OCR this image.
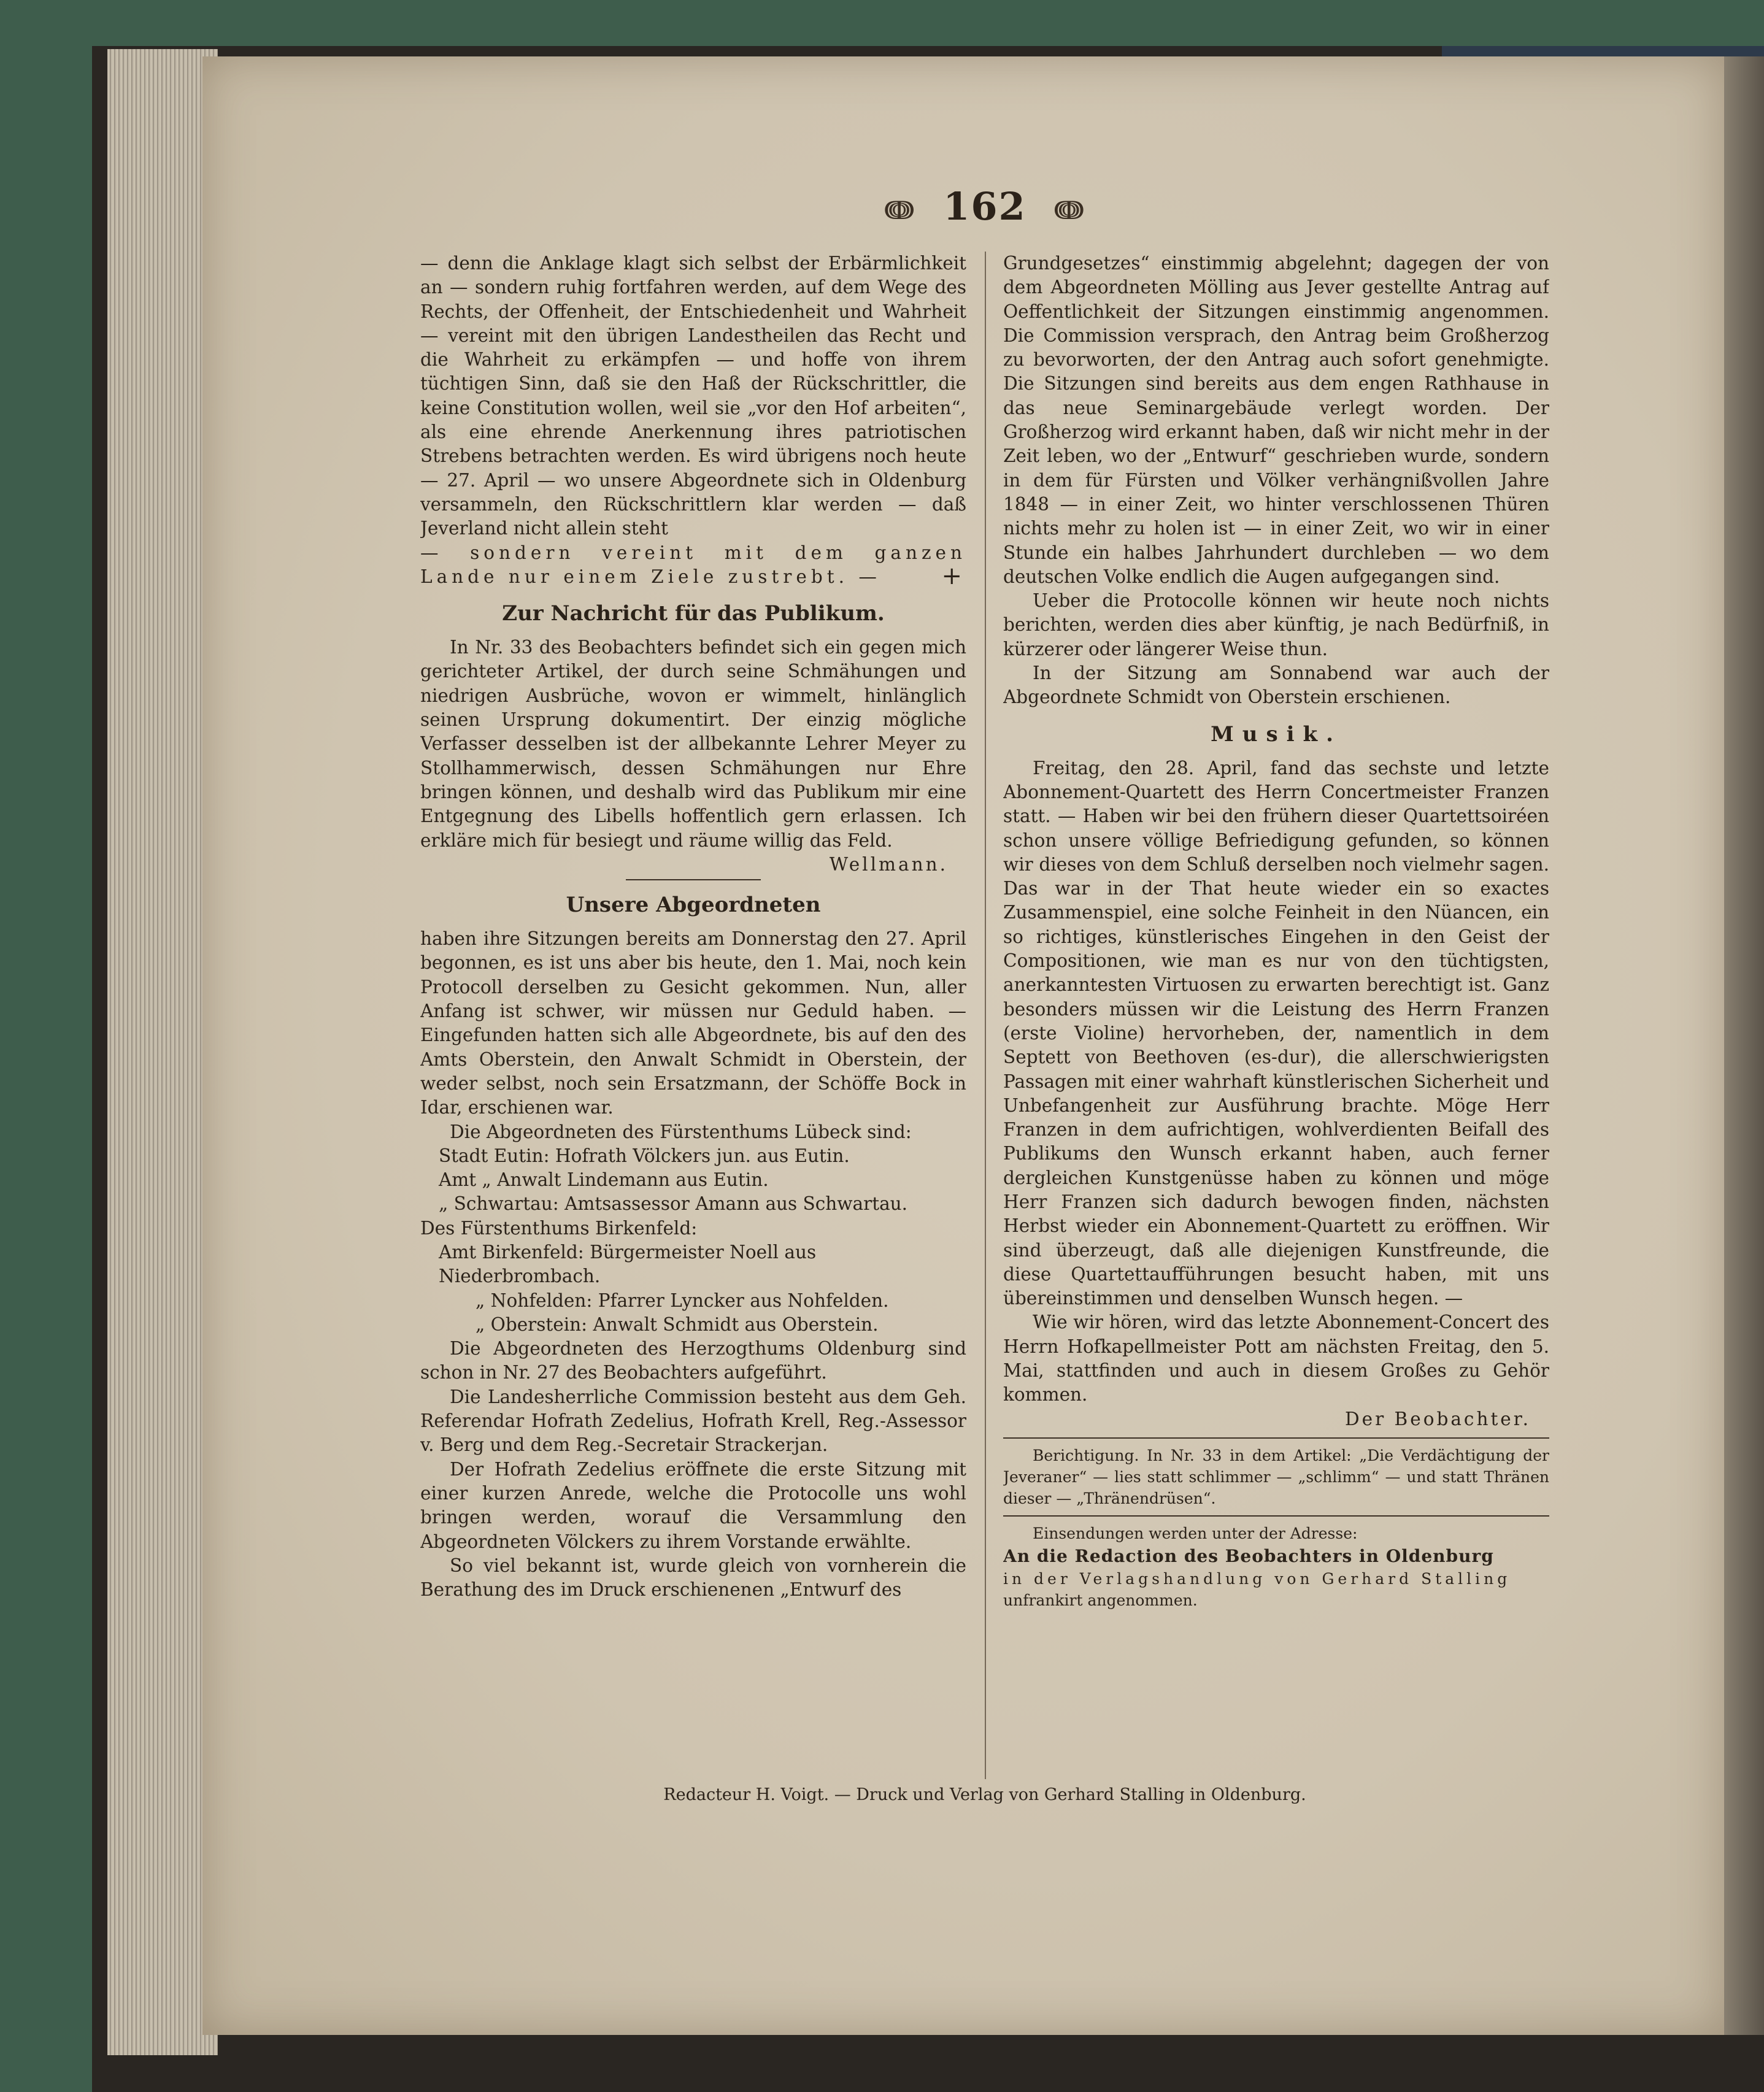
ↈ 162 ↈ

— denn die Anklage klagt sich selbst der Erbärmlichkeit an — sondern ruhig fortfahren werden, auf dem Wege des Rechts, der Offenheit, der Entschiedenheit und Wahrheit — vereint mit den übrigen Landestheilen das Recht und die Wahrheit zu erkämpfen — und hoffe von ihrem tüchtigen Sinn, daß sie den Haß der Rückschrittler, die keine Constitution wollen, weil sie „vor den Hof arbeiten“, als eine ehrende Anerkennung ihres patriotischen Strebens betrachten werden. Es wird übrigens noch heute — 27. April — wo unsere Abgeordnete sich in Oldenburg versammeln, den Rückschrittlern klar werden — daß Jeverland nicht allein steht

— sondern vereint mit dem ganzen Lande nur einem Ziele zustrebt. — +

Zur Nachricht für das Publikum.

In Nr. 33 des Beobachters befindet sich ein gegen mich gerichteter Artikel, der durch seine Schmähungen und niedrigen Ausbrüche, wovon er wimmelt, hinlänglich seinen Ursprung dokumentirt. Der einzig mögliche Verfasser desselben ist der allbekannte Lehrer Meyer zu Stollhammerwisch, dessen Schmähungen nur Ehre bringen können, und deshalb wird das Publikum mir eine Entgegnung des Libells hoffentlich gern erlassen. Ich erkläre mich für besiegt und räume willig das Feld.

Wellmann.

Unsere Abgeordneten

haben ihre Sitzungen bereits am Donnerstag den 27. April begonnen, es ist uns aber bis heute, den 1. Mai, noch kein Protocoll derselben zu Gesicht gekommen. Nun, aller Anfang ist schwer, wir müssen nur Geduld haben. — Eingefunden hatten sich alle Abgeordnete, bis auf den des Amts Oberstein, den Anwalt Schmidt in Oberstein, der weder selbst, noch sein Ersatzmann, der Schöffe Bock in Idar, erschienen war.

Die Abgeordneten des Fürstenthums Lübeck sind:

Stadt Eutin: Hofrath Völckers jun. aus Eutin.

Amt „ Anwalt Lindemann aus Eutin.

„ Schwartau: Amtsassessor Amann aus Schwartau.

Des Fürstenthums Birkenfeld:

Amt Birkenfeld: Bürgermeister Noell aus Niederbrombach.

„ Nohfelden: Pfarrer Lyncker aus Nohfelden.

„ Oberstein: Anwalt Schmidt aus Oberstein.

Die Abgeordneten des Herzogthums Oldenburg sind schon in Nr. 27 des Beobachters aufgeführt.

Die Landesherrliche Commission besteht aus dem Geh. Referendar Hofrath Zedelius, Hofrath Krell, Reg.-Assessor v. Berg und dem Reg.-Secretair Strackerjan.

Der Hofrath Zedelius eröffnete die erste Sitzung mit einer kurzen Anrede, welche die Protocolle uns wohl bringen werden, worauf die Versammlung den Abgeordneten Völckers zu ihrem Vorstande erwählte.

So viel bekannt ist, wurde gleich von vornherein die Berathung des im Druck erschienenen „Entwurf des

Grundgesetzes“ einstimmig abgelehnt; dagegen der von dem Abgeordneten Mölling aus Jever gestellte Antrag auf Oeffentlichkeit der Sitzungen einstimmig angenommen. Die Commission versprach, den Antrag beim Großherzog zu bevorworten, der den Antrag auch sofort genehmigte. Die Sitzungen sind bereits aus dem engen Rathhause in das neue Seminargebäude verlegt worden. Der Großherzog wird erkannt haben, daß wir nicht mehr in der Zeit leben, wo der „Entwurf“ geschrieben wurde, sondern in dem für Fürsten und Völker verhängnißvollen Jahre 1848 — in einer Zeit, wo hinter verschlossenen Thüren nichts mehr zu holen ist — in einer Zeit, wo wir in einer Stunde ein halbes Jahrhundert durchleben — wo dem deutschen Volke endlich die Augen aufgegangen sind.

Ueber die Protocolle können wir heute noch nichts berichten, werden dies aber künftig, je nach Bedürfniß, in kürzerer oder längerer Weise thun.

In der Sitzung am Sonnabend war auch der Abgeordnete Schmidt von Oberstein erschienen.

Musik.

Freitag, den 28. April, fand das sechste und letzte Abonnement-Quartett des Herrn Concertmeister Franzen statt. — Haben wir bei den frühern dieser Quartettsoiréen schon unsere völlige Befriedigung gefunden, so können wir dieses von dem Schluß derselben noch vielmehr sagen. Das war in der That heute wieder ein so exactes Zusammenspiel, eine solche Feinheit in den Nüancen, ein so richtiges, künstlerisches Eingehen in den Geist der Compositionen, wie man es nur von den tüchtigsten, anerkanntesten Virtuosen zu erwarten berechtigt ist. Ganz besonders müssen wir die Leistung des Herrn Franzen (erste Violine) hervorheben, der, namentlich in dem Septett von Beethoven (es-dur), die allerschwierigsten Passagen mit einer wahrhaft künstlerischen Sicherheit und Unbefangenheit zur Ausführung brachte. Möge Herr Franzen in dem aufrichtigen, wohlverdienten Beifall des Publikums den Wunsch erkannt haben, auch ferner dergleichen Kunstgenüsse haben zu können und möge Herr Franzen sich dadurch bewogen finden, nächsten Herbst wieder ein Abonnement-Quartett zu eröffnen. Wir sind überzeugt, daß alle diejenigen Kunstfreunde, die diese Quartettaufführungen besucht haben, mit uns übereinstimmen und denselben Wunsch hegen. —

Wie wir hören, wird das letzte Abonnement-Concert des Herrn Hofkapellmeister Pott am nächsten Freitag, den 5. Mai, stattfinden und auch in diesem Großes zu Gehör kommen.

Der Beobachter.

Berichtigung. In Nr. 33 in dem Artikel: „Die Verdächtigung der Jeveraner“ — lies statt schlimmer — „schlimm“ — und statt Thränen dieser — „Thränendrüsen“.

Einsendungen werden unter der Adresse:

An die Redaction des Beobachters in Oldenburg

in der Verlagshandlung von Gerhard Stalling

unfrankirt angenommen.

Redacteur H. Voigt. — Druck und Verlag von Gerhard Stalling in Oldenburg.
